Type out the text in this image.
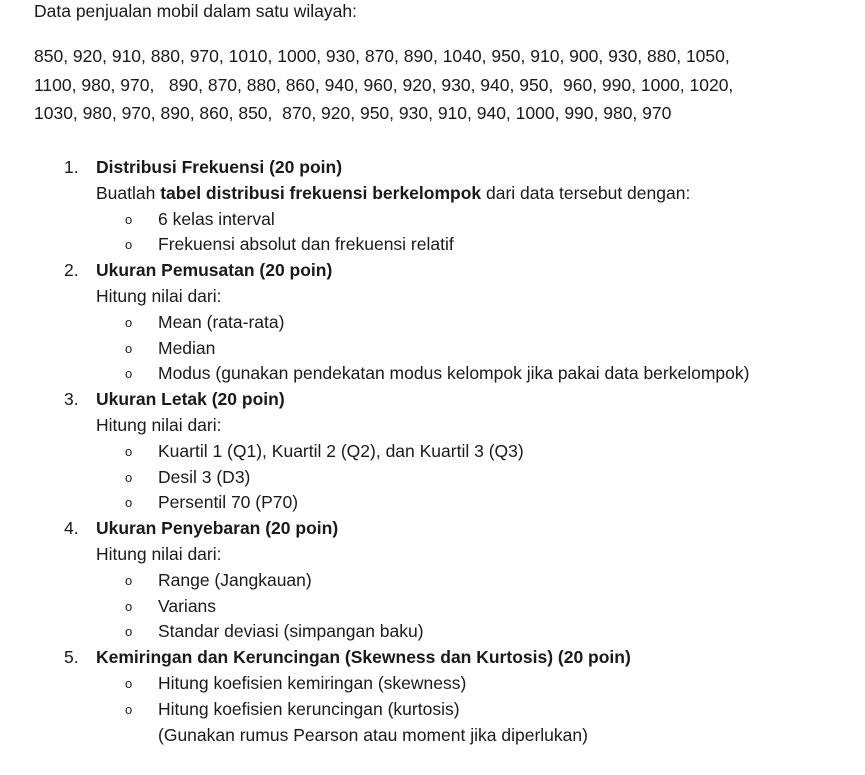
Data penjualan mobil dalam satu wilayah:
850, 920, 910, 880, 970, 1010, 1000, 930, 870, 890, 1040, 950, 910, 900, 930, 880, 1050,
1100, 980, 970,   890, 870, 880, 860, 940, 960, 920, 930, 940, 950,  960, 990, 1000, 1020,
1030, 980, 970, 890, 860, 850,  870, 920, 950, 930, 910, 940, 1000, 990, 980, 970
1. Distribusi Frekuensi (20 poin)
Buatlah tabel distribusi frekuensi berkelompok dari data tersebut dengan:
o 6 kelas interval
o Frekuensi absolut dan frekuensi relatif
2. Ukuran Pemusatan (20 poin)
Hitung nilai dari:
o Mean (rata-rata)
o Median
o Modus (gunakan pendekatan modus kelompok jika pakai data berkelompok)
3. Ukuran Letak (20 poin)
Hitung nilai dari:
o Kuartil 1 (Q1), Kuartil 2 (Q2), dan Kuartil 3 (Q3)
o Desil 3 (D3)
o Persentil 70 (P70)
4. Ukuran Penyebaran (20 poin)
Hitung nilai dari:
o Range (Jangkauan)
o Varians
o Standar deviasi (simpangan baku)
5. Kemiringan dan Keruncingan (Skewness dan Kurtosis) (20 poin)
o Hitung koefisien kemiringan (skewness)
o Hitung koefisien keruncingan (kurtosis)
(Gunakan rumus Pearson atau moment jika diperlukan)
